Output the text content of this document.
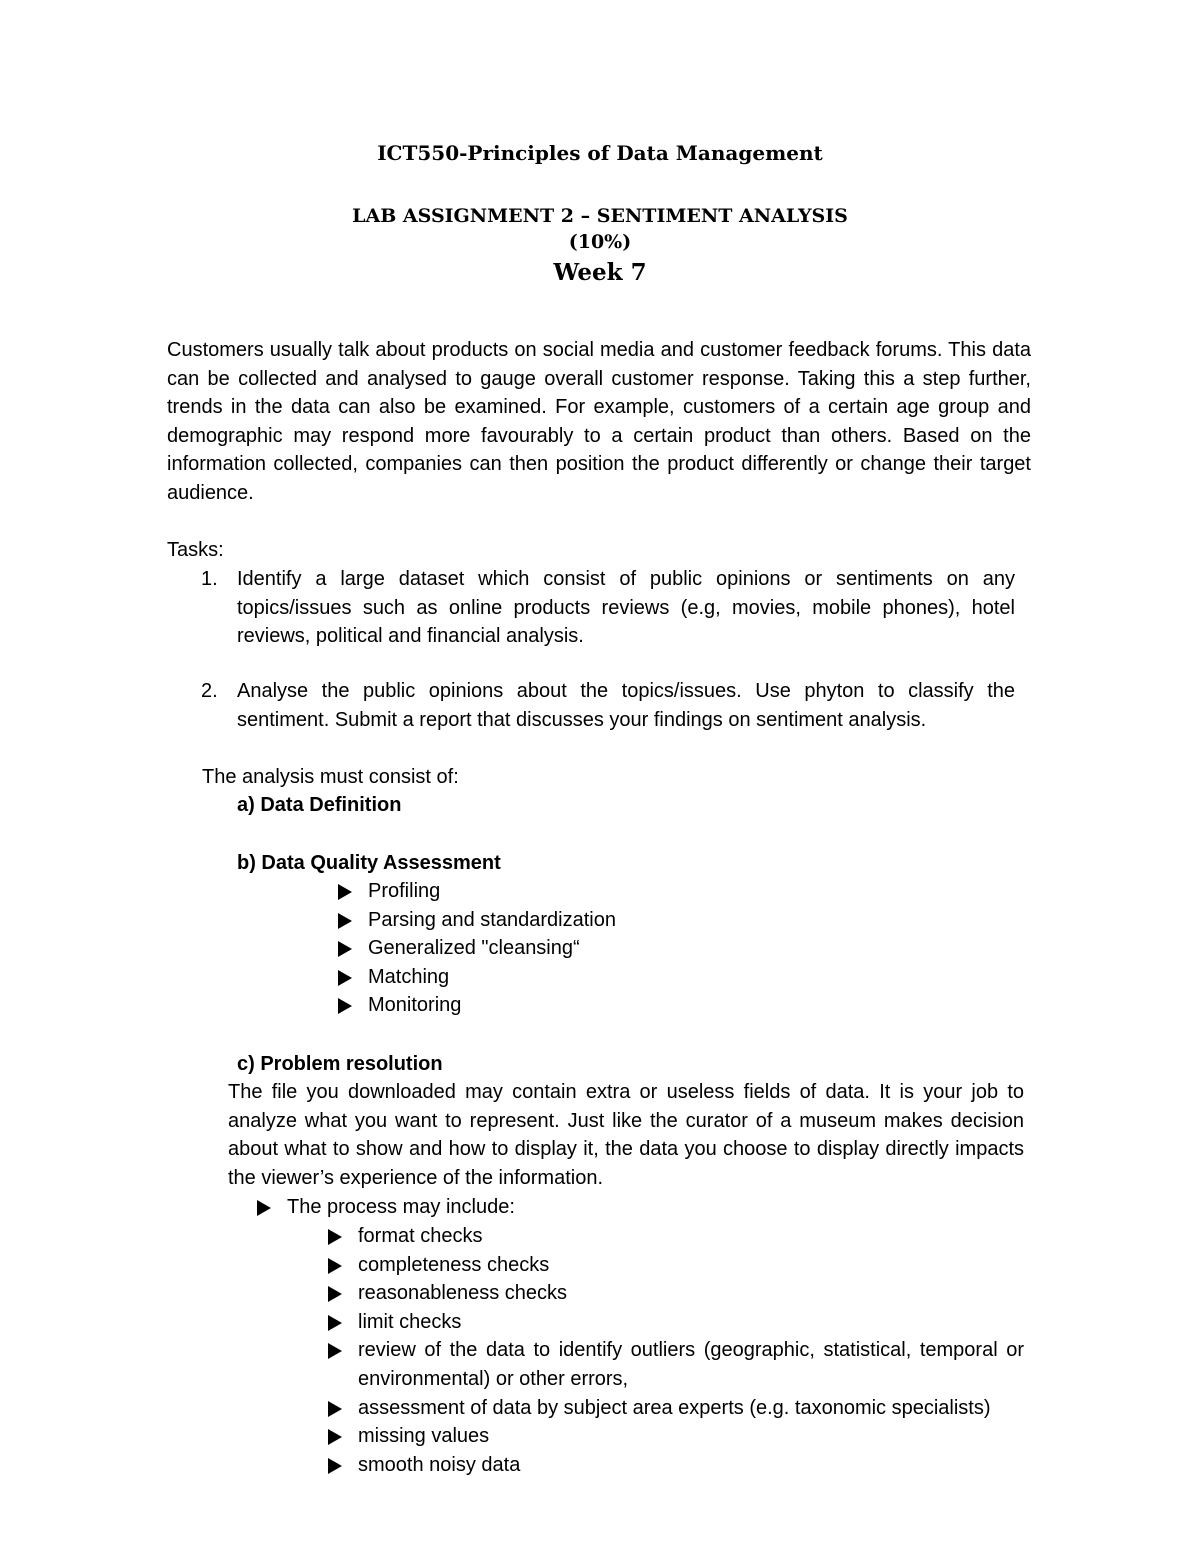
ICT550-Principles of Data Management
LAB ASSIGNMENT 2 – SENTIMENT ANALYSIS
(10%)
Week 7
Customers usually talk about products on social media and customer feedback forums. This data can be collected and analysed to gauge overall customer response. Taking this a step further, trends in the data can also be examined. For example, customers of a certain age group and demographic may respond more favourably to a certain product than others. Based on the information collected, companies can then position the product differently or change their target audience.
Tasks:
1. Identify a large dataset which consist of public opinions or sentiments on any topics/issues such as online products reviews (e.g, movies, mobile phones), hotel reviews, political and financial analysis.
2. Analyse the public opinions about the topics/issues. Use phyton to classify the sentiment. Submit a report that discusses your findings on sentiment analysis.
The analysis must consist of:
a) Data Definition
b) Data Quality Assessment
Profiling
Parsing and standardization
Generalized "cleansing“
Matching
Monitoring
c) Problem resolution
The file you downloaded may contain extra or useless fields of data. It is your job to analyze what you want to represent. Just like the curator of a museum makes decision about what to show and how to display it, the data you choose to display directly impacts the viewer’s experience of the information.
The process may include:
format checks
completeness checks
reasonableness checks
limit checks
review of the data to identify outliers (geographic, statistical, temporal or environmental) or other errors,
assessment of data by subject area experts (e.g. taxonomic specialists)
missing values
smooth noisy data
